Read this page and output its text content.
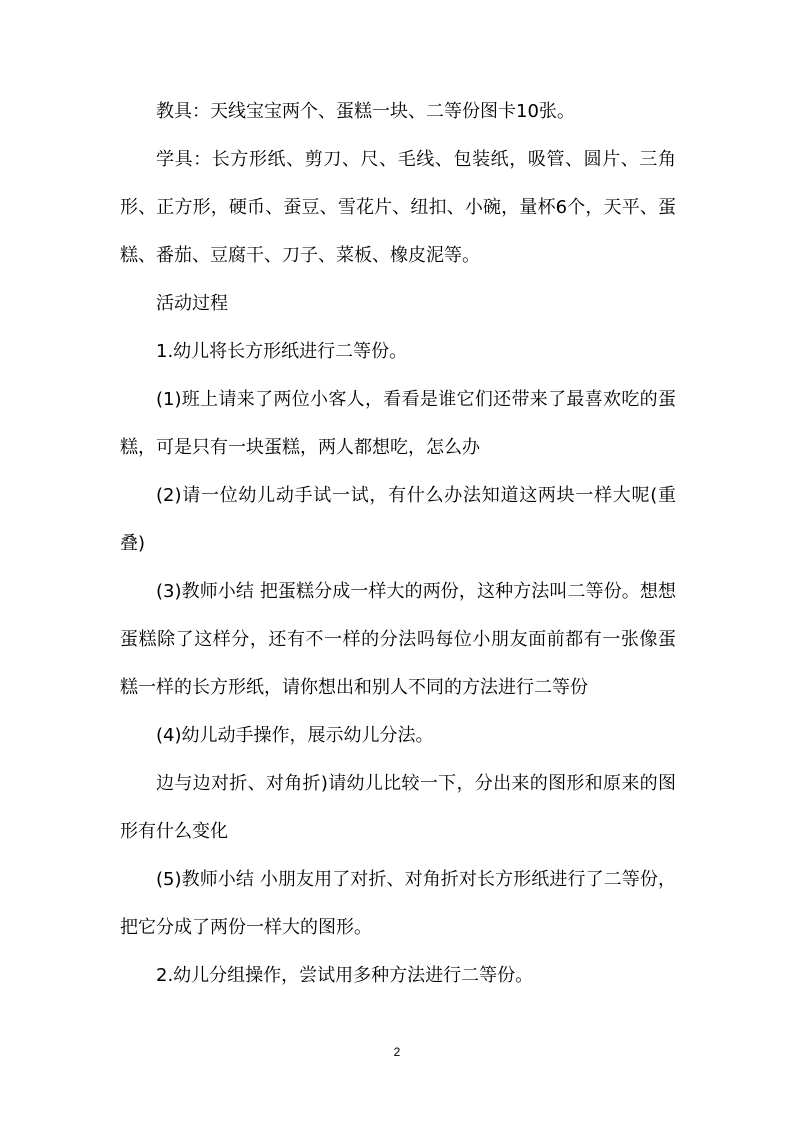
教具：天线宝宝两个、蛋糕一块、二等份图卡10张。

学具：长方形纸、剪刀、尺、毛线、包装纸，吸管、圆片、三角形、正方形，硬币、蚕豆、雪花片、纽扣、小碗，量杯6个，天平、蛋糕、番茄、豆腐干、刀子、菜板、橡皮泥等。

活动过程

1.幼儿将长方形纸进行二等份。

(1)班上请来了两位小客人，看看是谁它们还带来了最喜欢吃的蛋糕，可是只有一块蛋糕，两人都想吃，怎么办

(2)请一位幼儿动手试一试，有什么办法知道这两块一样大呢(重叠)

(3)教师小结 把蛋糕分成一样大的两份，这种方法叫二等份。想想蛋糕除了这样分，还有不一样的分法吗每位小朋友面前都有一张像蛋糕一样的长方形纸，请你想出和别人不同的方法进行二等份

(4)幼儿动手操作，展示幼儿分法。

边与边对折、对角折)请幼儿比较一下，分出来的图形和原来的图形有什么变化

(5)教师小结 小朋友用了对折、对角折对长方形纸进行了二等份，把它分成了两份一样大的图形。

2.幼儿分组操作，尝试用多种方法进行二等份。

2
